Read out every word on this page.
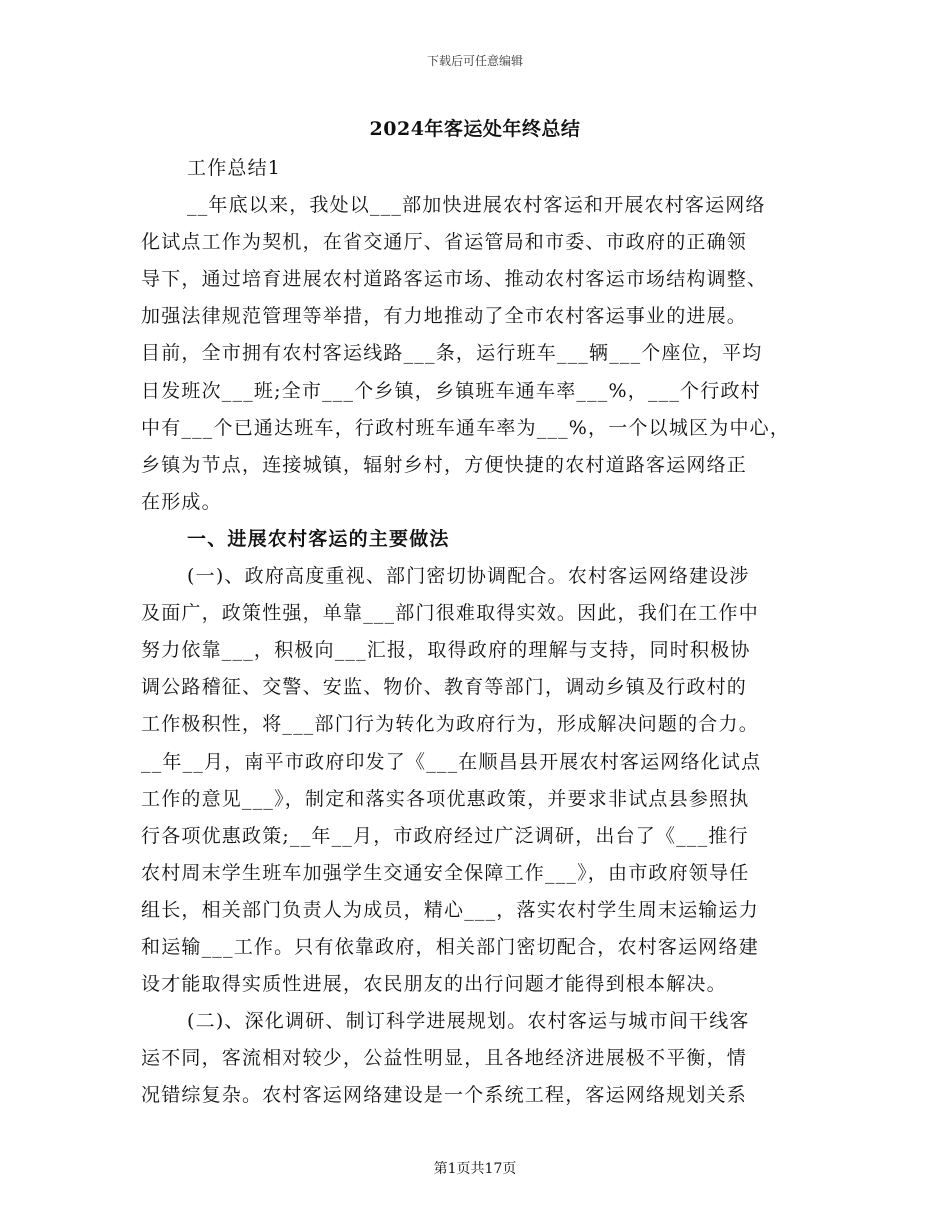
下载后可任意编辑
2024年客运处年终总结
工作总结1
__年底以来，我处以___部加快进展农村客运和开展农村客运网络
化试点工作为契机，在省交通厅、省运管局和市委、市政府的正确领
导下，通过培育进展农村道路客运市场、推动农村客运市场结构调整、
加强法律规范管理等举措，有力地推动了全市农村客运事业的进展。
目前，全市拥有农村客运线路___条，运行班车___辆___个座位，平均
日发班次___班;全市___个乡镇，乡镇班车通车率___%，___个行政村
中有___个已通达班车，行政村班车通车率为___%，一个以城区为中心，
乡镇为节点，连接城镇，辐射乡村，方便快捷的农村道路客运网络正
在形成。
一、进展农村客运的主要做法
(一)、政府高度重视、部门密切协调配合。农村客运网络建设涉
及面广，政策性强，单靠___部门很难取得实效。因此，我们在工作中
努力依靠___，积极向___汇报，取得政府的理解与支持，同时积极协
调公路稽征、交警、安监、物价、教育等部门，调动乡镇及行政村的
工作极积性，将___部门行为转化为政府行为，形成解决问题的合力。
__年__月，南平市政府印发了《___在顺昌县开展农村客运网络化试点
工作的意见___》，制定和落实各项优惠政策，并要求非试点县参照执
行各项优惠政策;__年__月，市政府经过广泛调研，出台了《___推行
农村周末学生班车加强学生交通安全保障工作___》，由市政府领导任
组长，相关部门负责人为成员，精心___，落实农村学生周末运输运力
和运输___工作。只有依靠政府，相关部门密切配合，农村客运网络建
设才能取得实质性进展，农民朋友的出行问题才能得到根本解决。
(二)、深化调研、制订科学进展规划。农村客运与城市间干线客
运不同，客流相对较少，公益性明显，且各地经济进展极不平衡，情
况错综复杂。农村客运网络建设是一个系统工程，客运网络规划关系
第1页共17页
